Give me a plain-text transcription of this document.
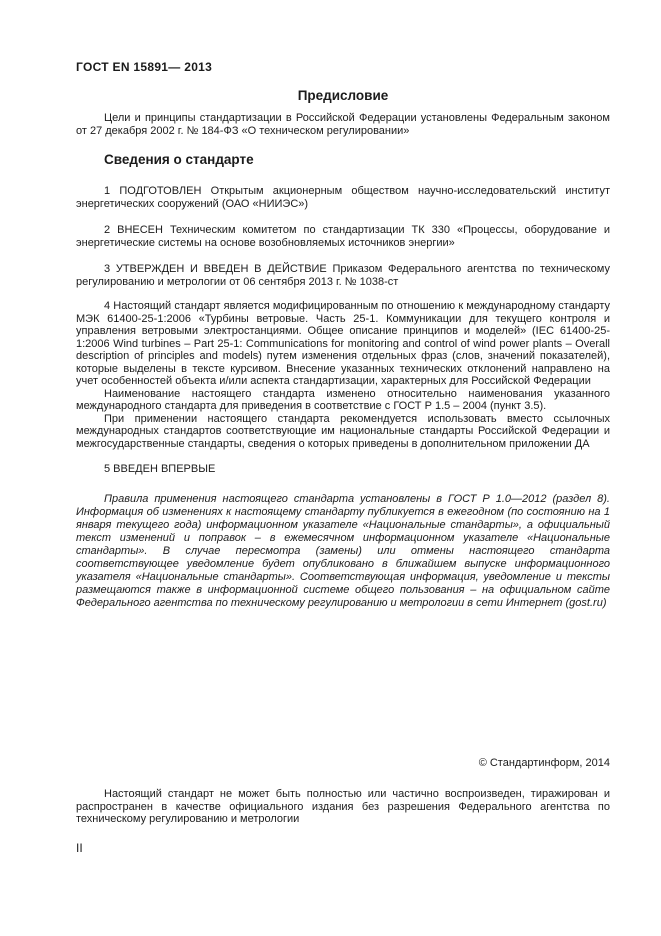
ГОСТ EN 15891— 2013
Предисловие

Цели и принципы стандартизации в Российской Федерации установлены Федеральным законом от 27 декабря 2002 г. № 184-ФЗ «О техническом регулировании»

Сведения о стандарте

1 ПОДГОТОВЛЕН Открытым акционерным обществом научно-исследовательский институт энергетических сооружений (ОАО «НИИЭС»)

2 ВНЕСЕН Техническим комитетом по стандартизации ТК 330 «Процессы, оборудование и энергетические системы на основе возобновляемых источников энергии»

3 УТВЕРЖДЕН И ВВЕДЕН В ДЕЙСТВИЕ Приказом Федерального агентства по техническому регулированию и метрологии от 06 сентября 2013 г. № 1038-ст

4 Настоящий стандарт является модифицированным по отношению к международному стандарту МЭК 61400-25-1:2006 «Турбины ветровые. Часть 25-1. Коммуникации для текущего контроля и управления ветровыми электростанциями. Общее описание принципов и моделей» (IEC 61400-25-1:2006 Wind turbines – Part 25-1: Communications for monitoring and control of wind power plants – Overall description of principles and models) путем изменения отдельных фраз (слов, значений показателей), которые выделены в тексте курсивом. Внесение указанных технических отклонений направлено на учет особенностей объекта и/или аспекта стандартизации, характерных для Российской Федерации

Наименование настоящего стандарта изменено относительно наименования указанного международного стандарта для приведения в соответствие с ГОСТ Р 1.5 – 2004 (пункт 3.5).

При применении настоящего стандарта рекомендуется использовать вместо ссылочных международных стандартов соответствующие им национальные стандарты Российской Федерации и межгосударственные стандарты, сведения о которых приведены в дополнительном приложении ДА

5 ВВЕДЕН ВПЕРВЫЕ

Правила применения настоящего стандарта установлены в ГОСТ Р 1.0—2012 (раздел 8). Информация об изменениях к настоящему стандарту публикуется в ежегодном (по состоянию на 1 января текущего года) информационном указателе «Национальные стандарты», а официальный текст изменений и поправок – в ежемесячном информационном указателе «Национальные стандарты». В случае пересмотра (замены) или отмены настоящего стандарта соответствующее уведомление будет опубликовано в ближайшем выпуске информационного указателя «Национальные стандарты». Соответствующая информация, уведомление и тексты размещаются также в информационной системе общего пользования – на официальном сайте Федерального агентства по техническому регулированию и метрологии в сети Интернет (gost.ru)

© Стандартинформ, 2014

Настоящий стандарт не может быть полностью или частично воспроизведен, тиражирован и распространен в качестве официального издания без разрешения Федерального агентства по техническому регулированию и метрологии

II
